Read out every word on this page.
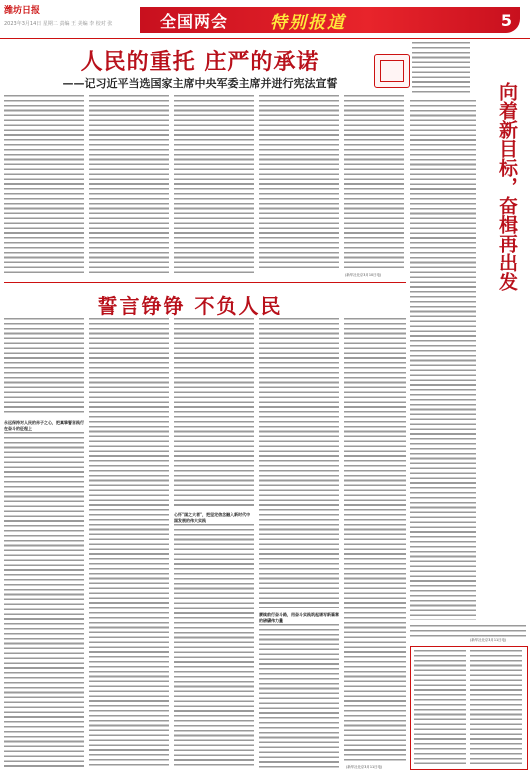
潍坊日报
2023年3月14日 星期二 责编 王 美编 李 校对 张	全国两会 特别报道	5
人民的重托 庄严的承诺
——记习近平当选国家主席中央军委主席并进行宪法宣誓
(新华社北京3月10日电)	向着新目标，奋楫再出发
誓言铮铮 不负人民
永远保持对人民的赤子之心，把真挚誓言践行在奋斗的征程上
心怀"国之大者"，把坚定信念融入新时代中国发展的伟大实践
赓续前行奋斗路，用奋斗实践筑起谱写新篇章的磅礴伟力量
(新华社北京3月11日电)
(新华社北京3月11日电)
